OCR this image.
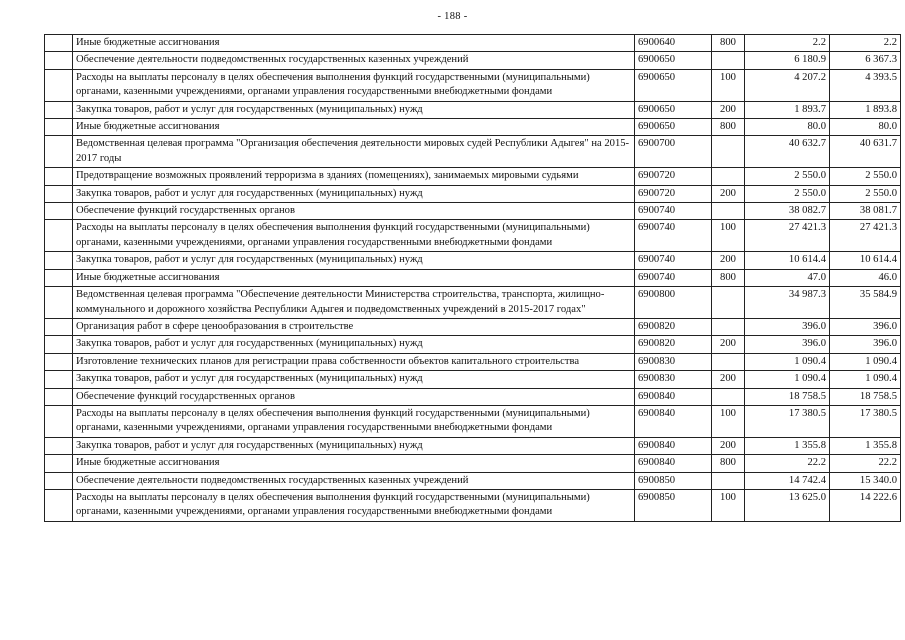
- 188 -
	Иные бюджетные ассигнования	6900640	800	2.2	2.2
	Обеспечение деятельности подведомственных государственных казенных учреждений	6900650		6 180.9	6 367.3
	Расходы на выплаты персоналу в целях обеспечения выполнения функций государственными (муниципальными) органами, казенными учреждениями, органами управления государственными внебюджетными фондами	6900650	100	4 207.2	4 393.5
	Закупка товаров, работ и услуг для государственных (муниципальных) нужд	6900650	200	1 893.7	1 893.8
	Иные бюджетные ассигнования	6900650	800	80.0	80.0
	Ведомственная целевая программа "Организация обеспечения деятельности мировых судей Республики Адыгея" на 2015-2017 годы	6900700		40 632.7	40 631.7
	Предотвращение возможных проявлений терроризма в зданиях (помещениях), занимаемых мировыми судьями	6900720		2 550.0	2 550.0
	Закупка товаров, работ и услуг для государственных (муниципальных) нужд	6900720	200	2 550.0	2 550.0
	Обеспечение функций государственных органов	6900740		38 082.7	38 081.7
	Расходы на выплаты персоналу в целях обеспечения выполнения функций государственными (муниципальными) органами, казенными учреждениями, органами управления государственными внебюджетными фондами	6900740	100	27 421.3	27 421.3
	Закупка товаров, работ и услуг для государственных (муниципальных) нужд	6900740	200	10 614.4	10 614.4
	Иные бюджетные ассигнования	6900740	800	47.0	46.0
	Ведомственная целевая программа "Обеспечение деятельности Министерства строительства, транспорта, жилищно-коммунального и дорожного хозяйства Республики Адыгея и подведомственных учреждений в 2015-2017 годах"	6900800		34 987.3	35 584.9
	Организация работ в сфере ценообразования в строительстве	6900820		396.0	396.0
	Закупка товаров, работ и услуг для государственных (муниципальных) нужд	6900820	200	396.0	396.0
	Изготовление технических планов для регистрации права собственности объектов капитального строительства	6900830		1 090.4	1 090.4
	Закупка товаров, работ и услуг для государственных (муниципальных) нужд	6900830	200	1 090.4	1 090.4
	Обеспечение функций государственных органов	6900840		18 758.5	18 758.5
	Расходы на выплаты персоналу в целях обеспечения выполнения функций государственными (муниципальными) органами, казенными учреждениями, органами управления государственными внебюджетными фондами	6900840	100	17 380.5	17 380.5
	Закупка товаров, работ и услуг для государственных (муниципальных) нужд	6900840	200	1 355.8	1 355.8
	Иные бюджетные ассигнования	6900840	800	22.2	22.2
	Обеспечение деятельности подведомственных государственных казенных учреждений	6900850		14 742.4	15 340.0
	Расходы на выплаты персоналу в целях обеспечения выполнения функций государственными (муниципальными) органами, казенными учреждениями, органами управления государственными внебюджетными фондами	6900850	100	13 625.0	14 222.6
